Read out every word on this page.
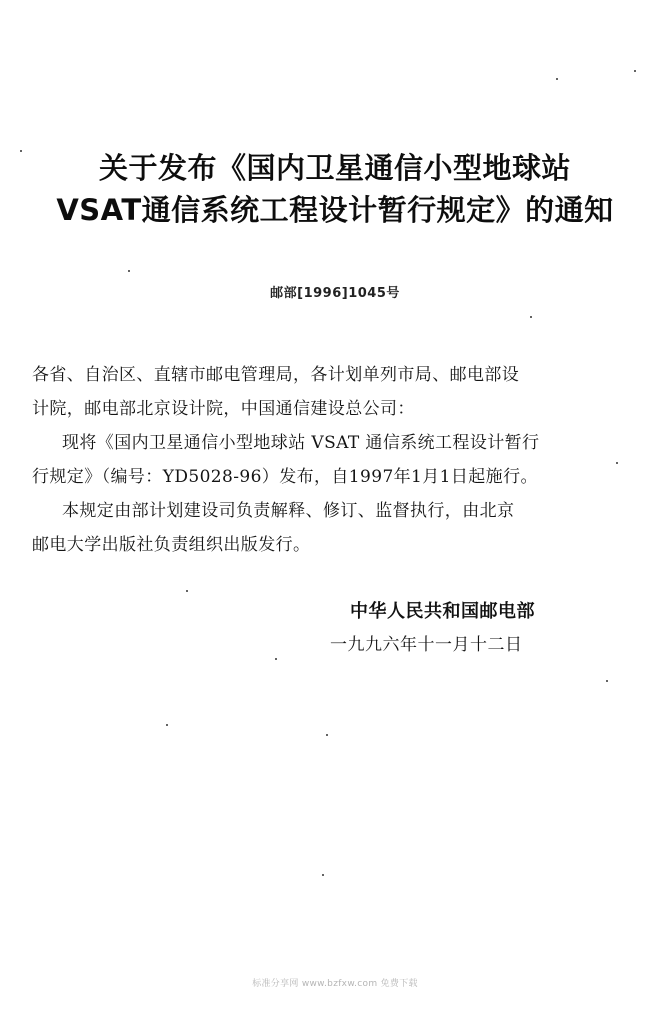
关于发布《国内卫星通信小型地球站
VSAT通信系统工程设计暂行规定》的通知
邮部[1996]1045号
各省、自治区、直辖市邮电管理局，各计划单列市局、邮电部设
计院，邮电部北京设计院，中国通信建设总公司：
现将《国内卫星通信小型地球站 VSAT 通信系统工程设计暂行
行规定》（编号：YD5028-96）发布，自1997年1月1日起施行。
本规定由部计划建设司负责解释、修订、监督执行，由北京
邮电大学出版社负责组织出版发行。
中华人民共和国邮电部
一九九六年十一月十二日
标准分享网 www.bzfxw.com 免费下载
